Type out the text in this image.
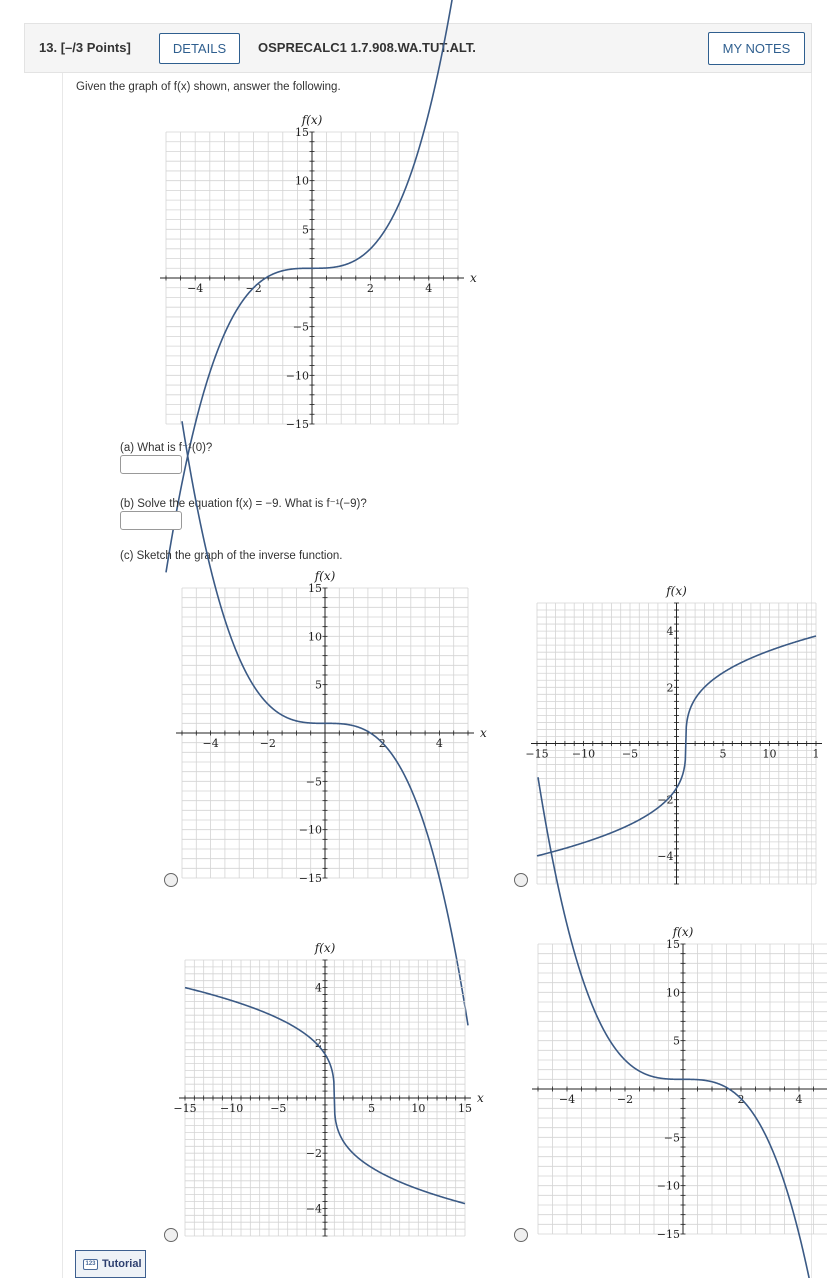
13. [–/3 Points]	DETAILS	OSPRECALC1 1.7.908.WA.TUT.ALT.	MY NOTES
Given the graph of f(x) shown, answer the following.
−4	−2	2	4
−15
−10
−5
5
10
15
x
f(x)
(a) What is f⁻¹(0)?
(b) Solve the equation f(x) = −9. What is f⁻¹(−9)?
(c) Sketch the graph of the inverse function.
−4	−2	2	4
−15
−10
−5
5
10
15
x
f(x)
−15 −10 −5	5	10	1
−4
−2
2
4
f(x)
−15 −10 −5	5	10	15
−4
−2
2
4
x
f(x)
−4	−2	2	4
−15
−10
−5
5
10
15
f(x)
123 Tutorial
